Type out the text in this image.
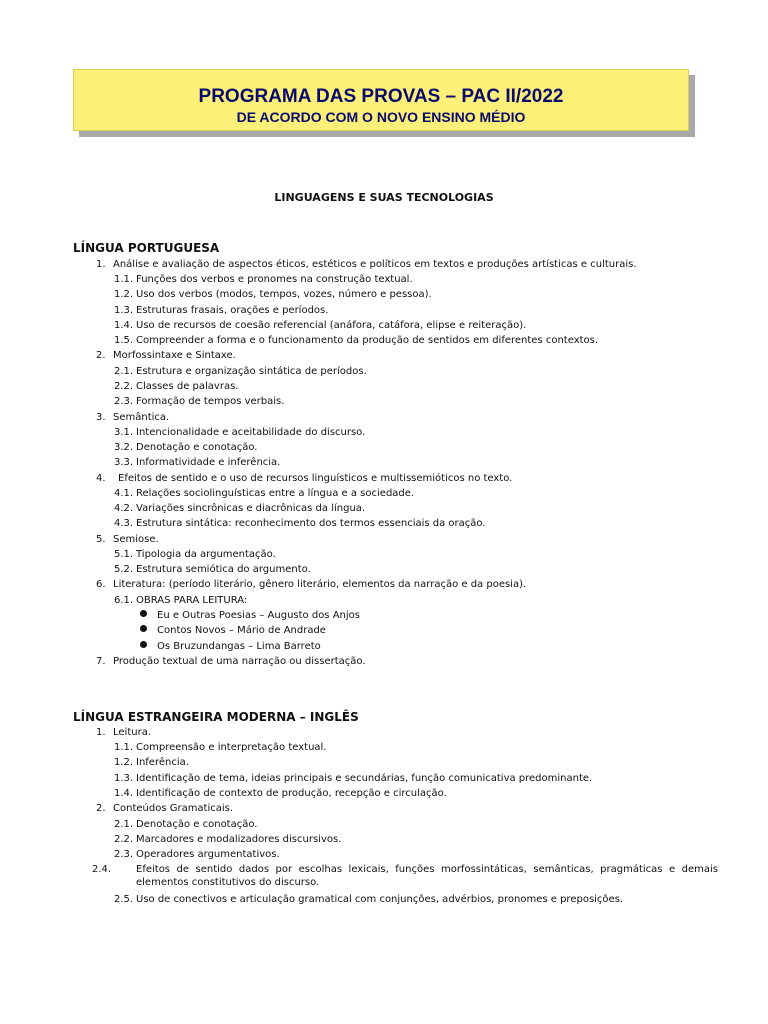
PROGRAMA DAS PROVAS – PAC II/2022
DE ACORDO COM O NOVO ENSINO MÉDIO
LINGUAGENS E SUAS TECNOLOGIAS
LÍNGUA PORTUGUESA
1. Análise e avaliação de aspectos éticos, estéticos e políticos em textos e produções artísticas e culturais.
1.1. Funções dos verbos e pronomes na construção textual.
1.2. Uso dos verbos (modos, tempos, vozes, número e pessoa).
1.3. Estruturas frasais, orações e períodos.
1.4. Uso de recursos de coesão referencial (anáfora, catáfora, elipse e reiteração).
1.5. Compreender a forma e o funcionamento da produção de sentidos em diferentes contextos.
2. Morfossintaxe e Sintaxe.
2.1. Estrutura e organização sintática de períodos.
2.2. Classes de palavras.
2.3. Formação de tempos verbais.
3. Semântica.
3.1. Intencionalidade e aceitabilidade do discurso.
3.2. Denotação e conotação.
3.3. Informatividade e inferência.
4. Efeitos de sentido e o uso de recursos linguísticos e multissemióticos no texto.
4.1. Relações sociolinguísticas entre a língua e a sociedade.
4.2. Variações sincrônicas e diacrônicas da língua.
4.3. Estrutura sintática: reconhecimento dos termos essenciais da oração.
5. Semiose.
5.1. Tipologia da argumentação.
5.2. Estrutura semiótica do argumento.
6. Literatura: (período literário, gênero literário, elementos da narração e da poesia).
6.1. OBRAS PARA LEITURA:
Eu e Outras Poesias – Augusto dos Anjos
Contos Novos – Mário de Andrade
Os Bruzundangas – Lima Barreto
7. Produção textual de uma narração ou dissertação.
LÍNGUA ESTRANGEIRA MODERNA – INGLÊS
1. Leitura.
1.1. Compreensão e interpretação textual.
1.2. Inferência.
1.3. Identificação de tema, ideias principais e secundárias, função comunicativa predominante.
1.4. Identificação de contexto de produção, recepção e circulação.
2. Conteúdos Gramaticais.
2.1. Denotação e conotação.
2.2. Marcadores e modalizadores discursivos.
2.3. Operadores argumentativos.
2.4. Efeitos de sentido dados por escolhas lexicais, funções morfossintáticas, semânticas, pragmáticas e demais elementos constitutivos do discurso.
2.5. Uso de conectivos e articulação gramatical com conjunções, advérbios, pronomes e preposições.
